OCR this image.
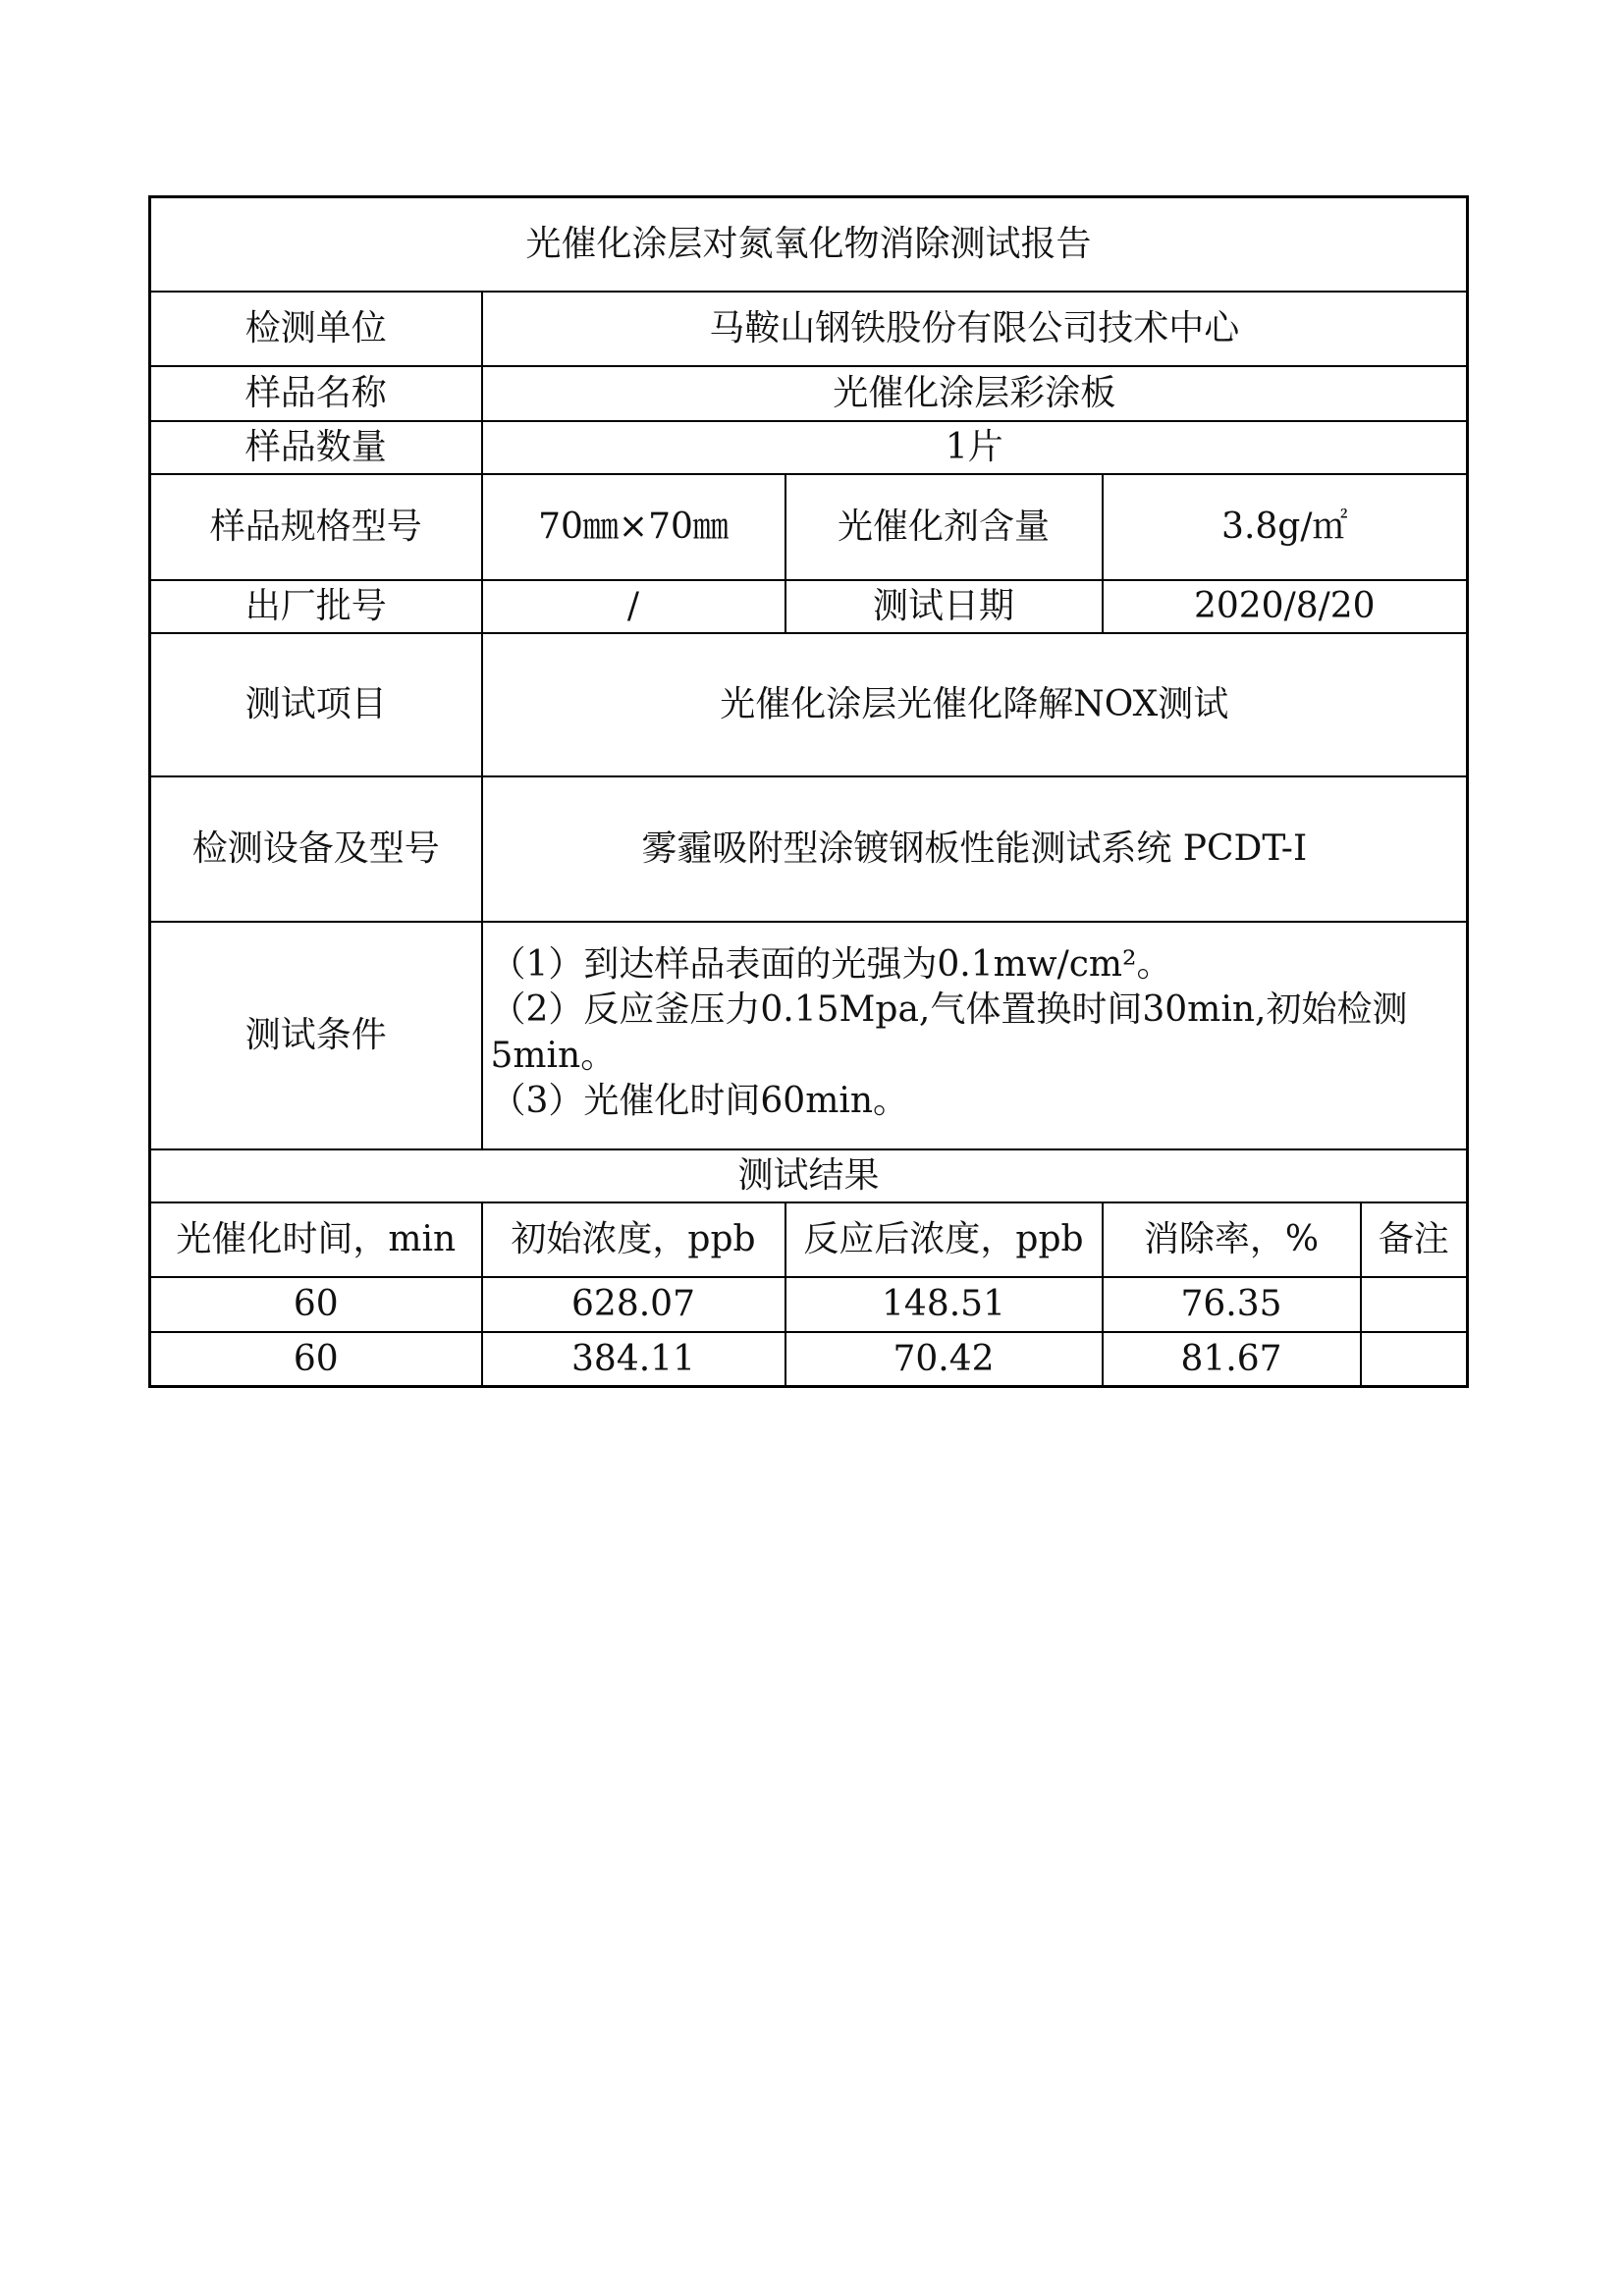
光催化涂层对氮氧化物消除测试报告				
检测单位	马鞍山钢铁股份有限公司技术中心			
样品名称	光催化涂层彩涂板			
样品数量	1片			
样品规格型号	70㎜×70㎜	光催化剂含量	3.8g/㎡	
出厂批号	/	测试日期	2020/8/20	
测试项目	光催化涂层光催化降解NOX测试			
检测设备及型号	雾霾吸附型涂镀钢板性能测试系统 PCDT-I			
测试条件	（1）到达样品表面的光强为0.1mw/cm²。
（2）反应釜压力0.15Mpa,气体置换时间30min,初始检测5min。
（3）光催化时间60min。			

测试结果				
光催化时间，min	初始浓度，ppb	反应后浓度，ppb	消除率，%	备注
60	628.07	148.51	76.35	
60	384.11	70.42	81.67	
